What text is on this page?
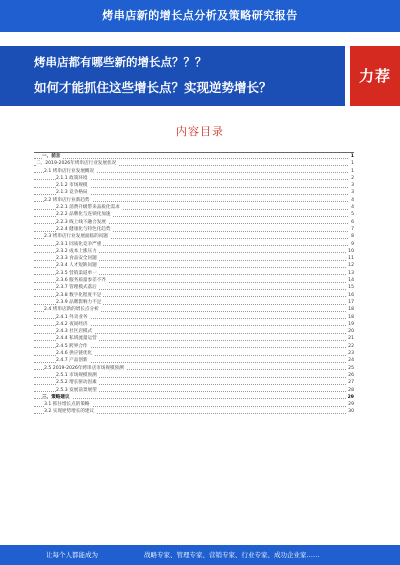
烤串店新的增长点分析及策略研究报告
烤串店都有哪些新的增长点？？？
如何才能抓住这些增长点？实现逆势增长？
力荐
内容目录
一、前言	1
二、2019-2026年烤串店行业发展状况	1
2.1 烤串店行业发展概况	1
2.1.1 政策环境	2
2.1.2 市场规模	3
2.1.3 竞争格局	3
2.2 烤串店行业新趋势	4
2.2.1 消费升级带来品质化需求	4
2.2.2 品牌化与连锁化加速	5
2.2.3 线上线下融合发展	6
2.2.4 健康化与特色化趋势	7
2.3 烤串店行业发展面临的问题	8
2.3.1 同质化竞争严重	9
2.3.2 成本上涨压力	10
2.3.3 食品安全问题	11
2.3.4 人才短缺问题	12
2.3.5 营销渠道单一	13
2.3.6 服务质量参差不齐	14
2.3.7 管理模式落后	15
2.3.8 数字化程度不足	16
2.3.9 品牌影响力不足	17
2.4 烤串店新的增长点分析	18
2.4.1 外卖业务	18
2.4.2 夜间经济	19
2.4.3 社区店模式	20
2.4.4 私域流量运营	21
2.4.5 跨界合作	22
2.4.6 供应链优化	23
2.4.7 产品创新	24
2.5 2019-2026年烤串店市场规模预测	25
2.5.1 市场规模预测	26
2.5.2 增长驱动因素	27
2.5.3 发展前景展望	28
三、策略建议	29
3.1 抓住增长点的策略	29
3.2 实现逆势增长的建议	30
让每个人都能成为	战略专家、管理专家、营销专家、行业专家、成功企业家……
